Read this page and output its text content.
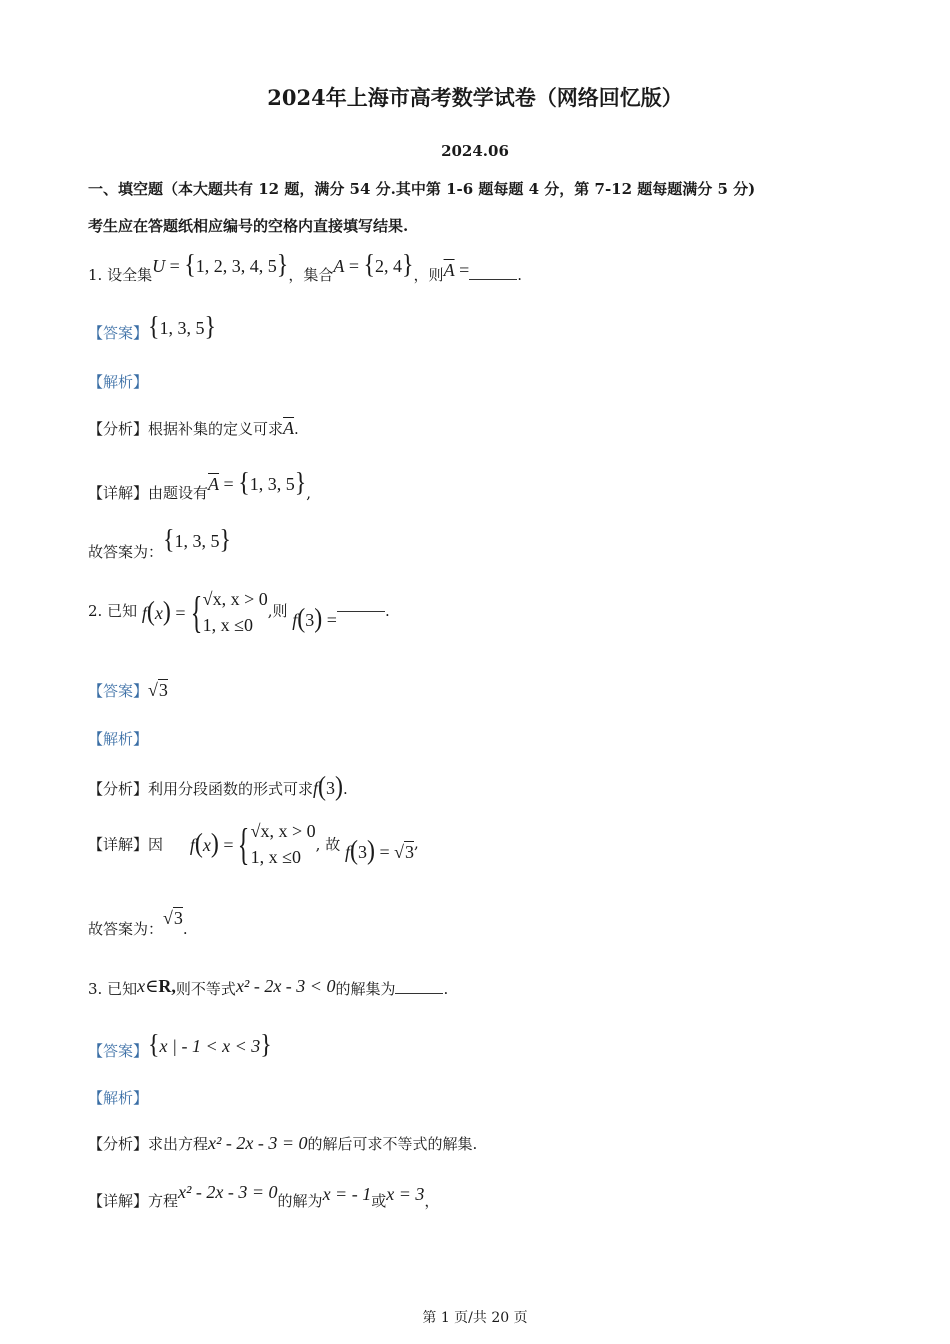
2024年上海市高考数学试卷（网络回忆版）
2024.06
一、填空题（本大题共有 12 题，满分 54 分.其中第 1-6 题每题 4 分，第 7-12 题每题满分 5 分)
考生应在答题纸相应编号的空格内直接填写结果.
1. 设全集U = {1, 2, 3, 4, 5}，集合A = {2, 4}，则$\overline{A}$ =	.
【答案】{1, 3, 5}
【解析】
【分析】根据补集的定义可求$\overline{A}$.
【详解】由题设有$\overline{A} = \{1$, 3, 5},
故答案为：{1, 3, 5}
2. 已知 f(x) = {√x, x > 0
1, x ≤0,则 f(3) =	.
【答案】√3
【解析】
【分析】利用分段函数的形式可求f(3).
【详解】因 f(x) = {√x, x > 0
1, x ≤0, 故 f(3) = √3,
故答案为：√3.
3. 已知x∈R,则不等式x² - 2x - 3 < 0的解集为	.
【答案】{x | - 1 < x < 3}
【解析】
【分析】求出方程x² - 2x - 3 = 0的解后可求不等式的解集.
【详解】方程x² - 2x - 3 = 0的解为x = - 1或x = 3，
第 1 页/共 20 页
